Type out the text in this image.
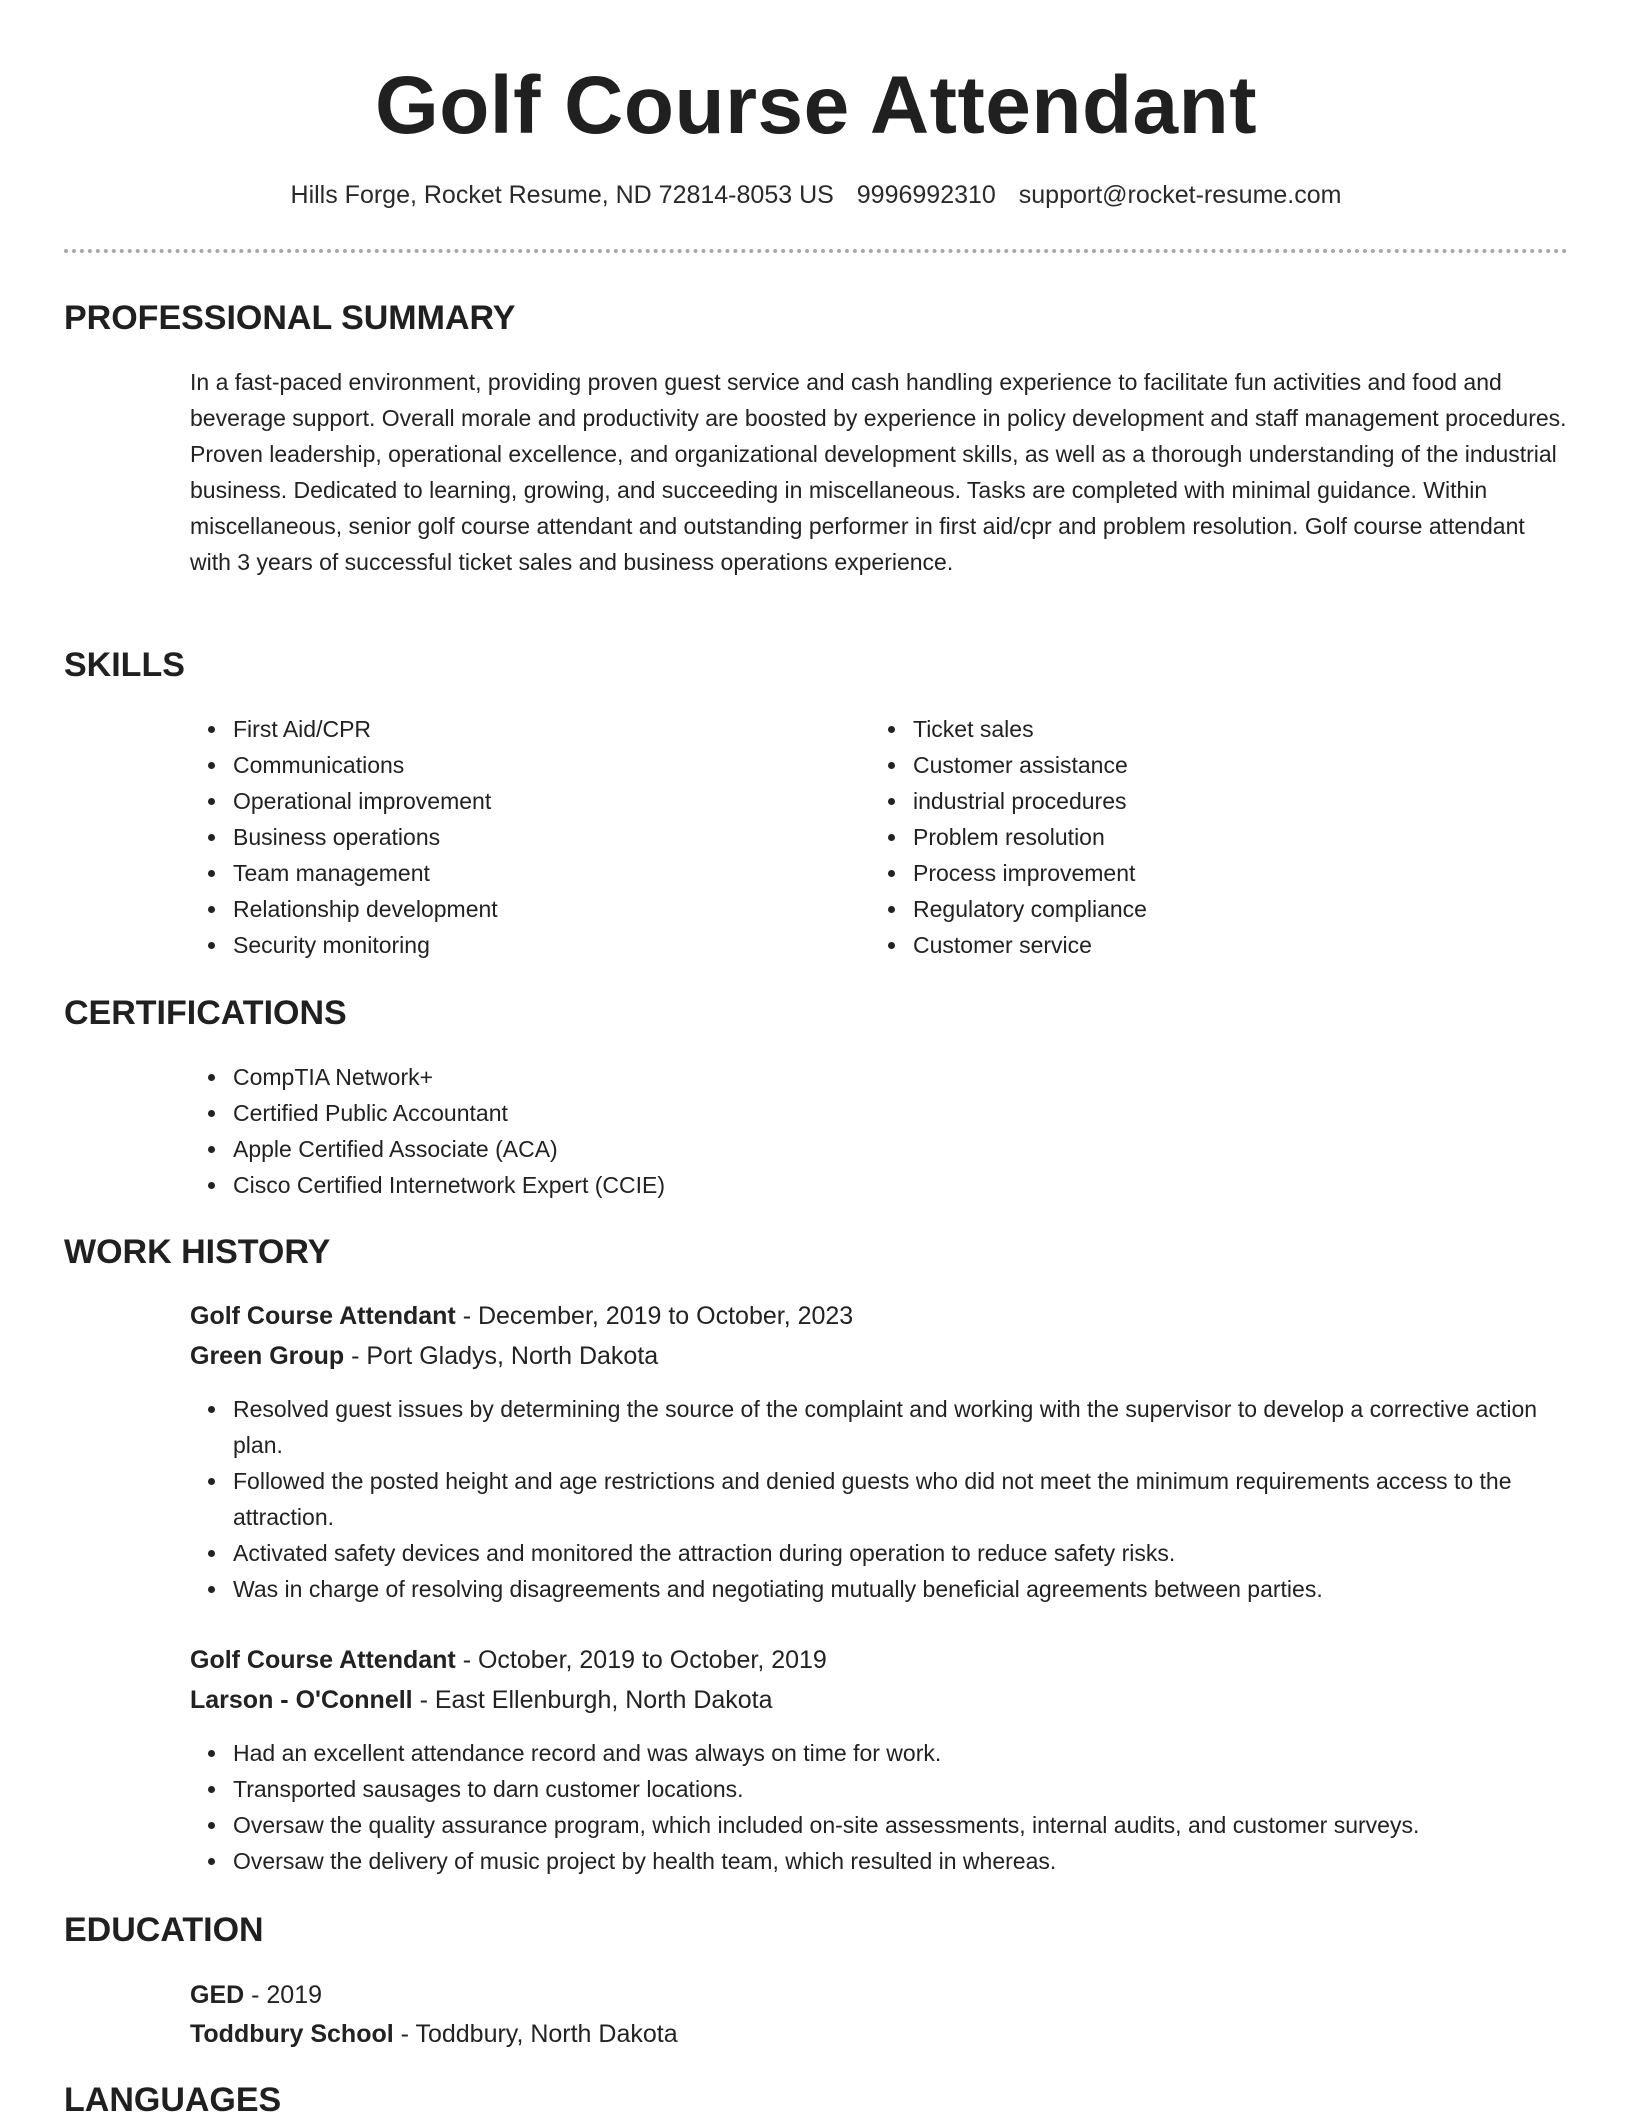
Golf Course Attendant
Hills Forge, Rocket Resume, ND 72814-8053 US 9996992310 support@rocket-resume.com
PROFESSIONAL SUMMARY

In a fast-paced environment, providing proven guest service and cash handling experience to facilitate fun activities and food and beverage support. Overall morale and productivity are boosted by experience in policy development and staff management procedures. Proven leadership, operational excellence, and organizational development skills, as well as a thorough understanding of the industrial business. Dedicated to learning, growing, and succeeding in miscellaneous. Tasks are completed with minimal guidance. Within miscellaneous, senior golf course attendant and outstanding performer in first aid/cpr and problem resolution. Golf course attendant with 3 years of successful ticket sales and business operations experience.

SKILLS
First Aid/CPR
Communications
Operational improvement
Business operations
Team management
Relationship development
Security monitoring
Ticket sales
Customer assistance
industrial procedures
Problem resolution
Process improvement
Regulatory compliance
Customer service
CERTIFICATIONS
CompTIA Network+
Certified Public Accountant
Apple Certified Associate (ACA)
Cisco Certified Internetwork Expert (CCIE)
WORK HISTORY
Golf Course Attendant - December, 2019 to October, 2023
Green Group - Port Gladys, North Dakota
Resolved guest issues by determining the source of the complaint and working with the supervisor to develop a corrective action plan.
Followed the posted height and age restrictions and denied guests who did not meet the minimum requirements access to the attraction.
Activated safety devices and monitored the attraction during operation to reduce safety risks.
Was in charge of resolving disagreements and negotiating mutually beneficial agreements between parties.
Golf Course Attendant - October, 2019 to October, 2019
Larson - O'Connell - East Ellenburgh, North Dakota
Had an excellent attendance record and was always on time for work.
Transported sausages to darn customer locations.
Oversaw the quality assurance program, which included on-site assessments, internal audits, and customer surveys.
Oversaw the delivery of music project by health team, which resulted in whereas.
EDUCATION
GED - 2019
Toddbury School - Toddbury, North Dakota
LANGUAGES
